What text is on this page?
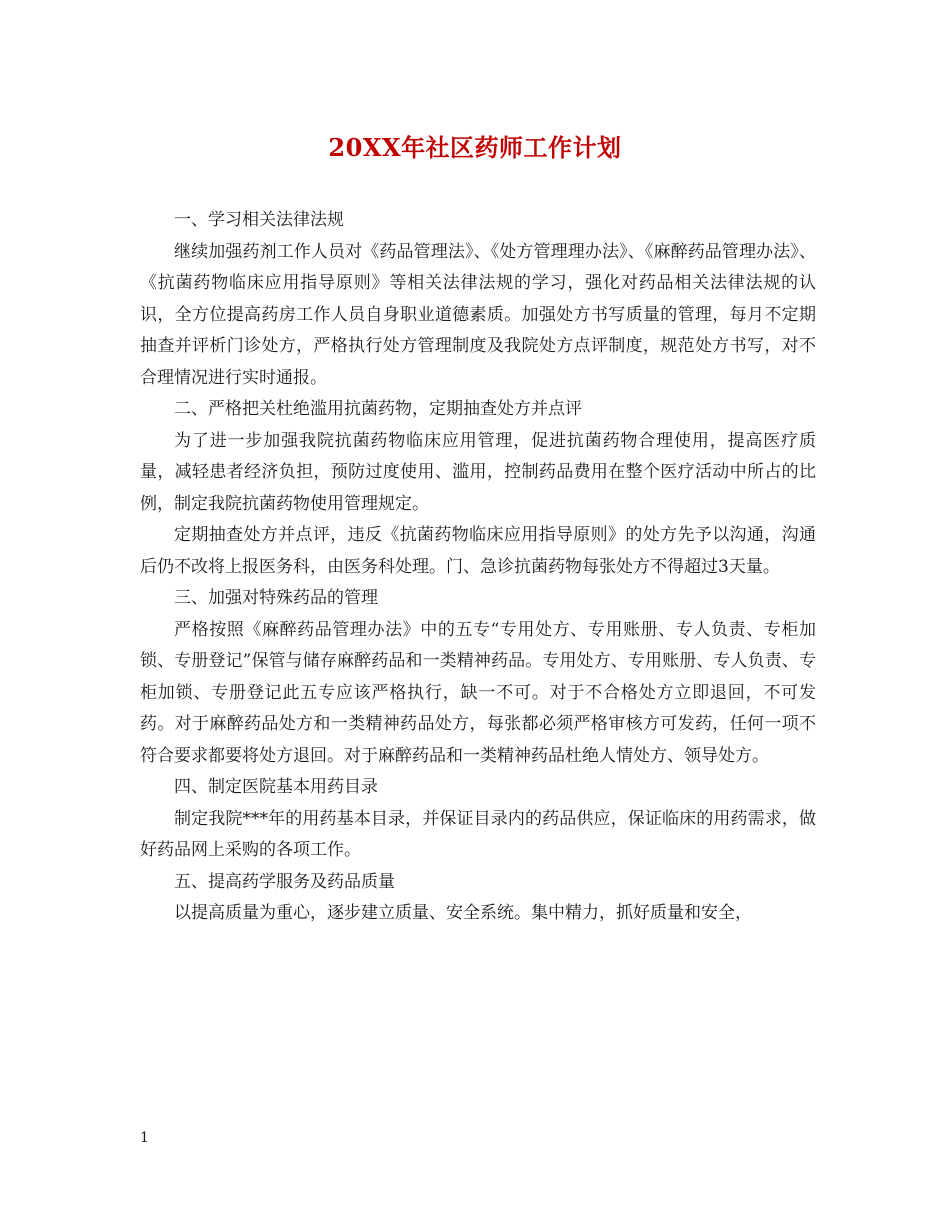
20XX年社区药师工作计划

一、学习相关法律法规

继续加强药剂工作人员对《药品管理法》、《处方管理理办法》、《麻醉药品管理办法》、《抗菌药物临床应用指导原则》等相关法律法规的学习，强化对药品相关法律法规的认识，全方位提高药房工作人员自身职业道德素质。加强处方书写质量的管理，每月不定期抽查并评析门诊处方，严格执行处方管理制度及我院处方点评制度，规范处方书写，对不合理情况进行实时通报。

二、严格把关杜绝滥用抗菌药物，定期抽查处方并点评

为了进一步加强我院抗菌药物临床应用管理，促进抗菌药物合理使用，提高医疗质量，减轻患者经济负担，预防过度使用、滥用，控制药品费用在整个医疗活动中所占的比例，制定我院抗菌药物使用管理规定。

定期抽查处方并点评，违反《抗菌药物临床应用指导原则》的处方先予以沟通，沟通后仍不改将上报医务科，由医务科处理。门、急诊抗菌药物每张处方不得超过3天量。

三、加强对特殊药品的管理

严格按照《麻醉药品管理办法》中的五专“专用处方、专用账册、专人负责、专柜加锁、专册登记”保管与储存麻醉药品和一类精神药品。专用处方、专用账册、专人负责、专柜加锁、专册登记此五专应该严格执行，缺一不可。对于不合格处方立即退回，不可发药。对于麻醉药品处方和一类精神药品处方，每张都必须严格审核方可发药，任何一项不符合要求都要将处方退回。对于麻醉药品和一类精神药品杜绝人情处方、领导处方。

四、制定医院基本用药目录

制定我院***年的用药基本目录，并保证目录内的药品供应，保证临床的用药需求，做好药品网上采购的各项工作。

五、提高药学服务及药品质量

以提高质量为重心，逐步建立质量、安全系统。集中精力，抓好质量和安全，

1
